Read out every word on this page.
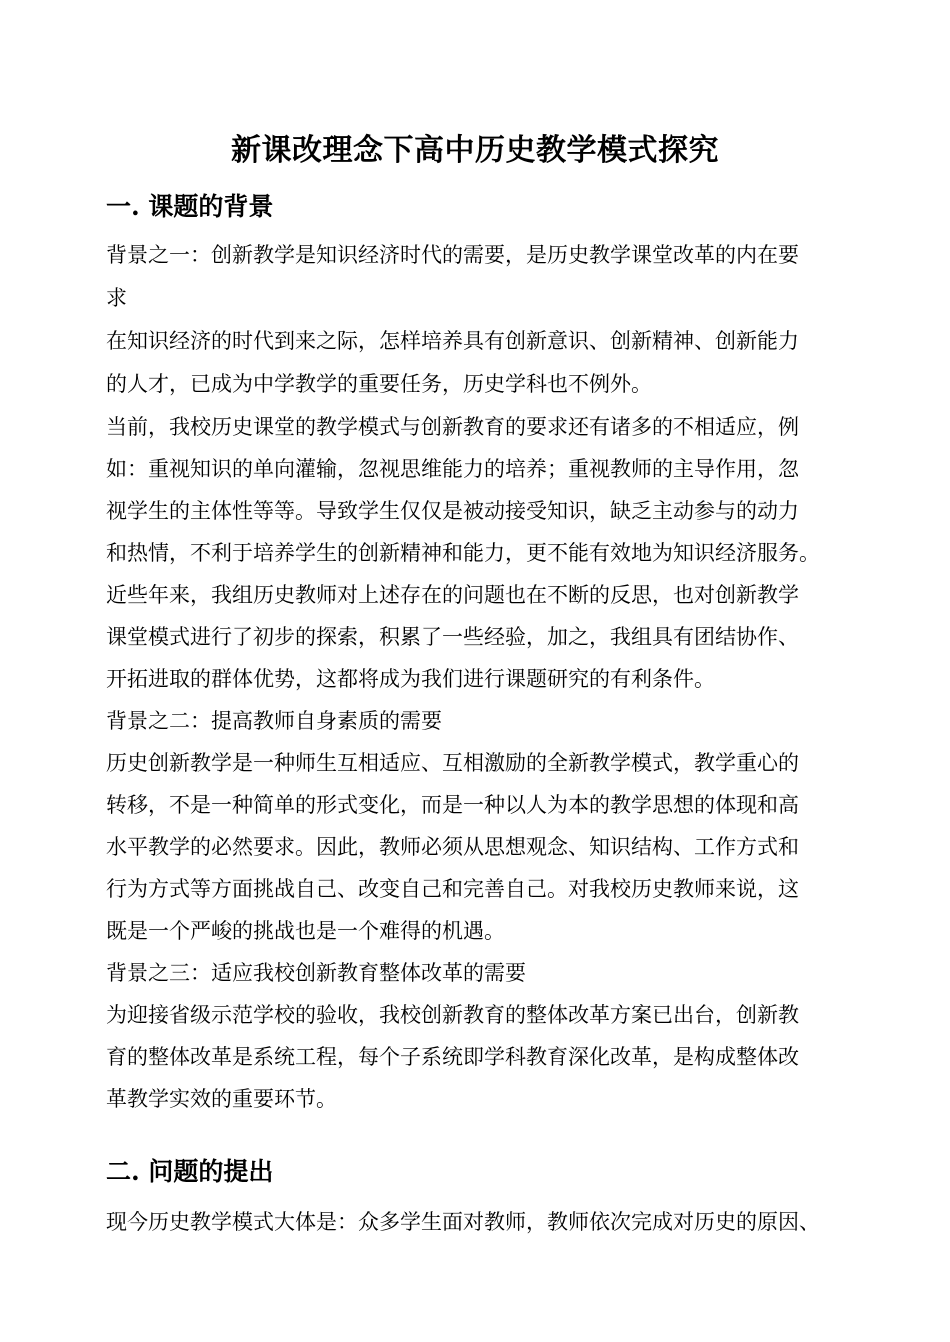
新课改理念下高中历史教学模式探究
一. 课题的背景
背景之一：创新教学是知识经济时代的需要，是历史教学课堂改革的内在要
求
在知识经济的时代到来之际，怎样培养具有创新意识、创新精神、创新能力
的人才，已成为中学教学的重要任务，历史学科也不例外。
当前，我校历史课堂的教学模式与创新教育的要求还有诸多的不相适应，例
如：重视知识的单向灌输，忽视思维能力的培养；重视教师的主导作用，忽
视学生的主体性等等。导致学生仅仅是被动接受知识，缺乏主动参与的动力
和热情，不利于培养学生的创新精神和能力，更不能有效地为知识经济服务。
近些年来，我组历史教师对上述存在的问题也在不断的反思，也对创新教学
课堂模式进行了初步的探索，积累了一些经验，加之，我组具有团结协作、
开拓进取的群体优势，这都将成为我们进行课题研究的有利条件。
背景之二：提高教师自身素质的需要
历史创新教学是一种师生互相适应、互相激励的全新教学模式，教学重心的
转移，不是一种简单的形式变化，而是一种以人为本的教学思想的体现和高
水平教学的必然要求。因此，教师必须从思想观念、知识结构、工作方式和
行为方式等方面挑战自己、改变自己和完善自己。对我校历史教师来说，这
既是一个严峻的挑战也是一个难得的机遇。
背景之三：适应我校创新教育整体改革的需要
为迎接省级示范学校的验收，我校创新教育的整体改革方案已出台，创新教
育的整体改革是系统工程，每个子系统即学科教育深化改革，是构成整体改
革教学实效的重要环节。
二. 问题的提出
现今历史教学模式大体是：众多学生面对教师，教师依次完成对历史的原因、
